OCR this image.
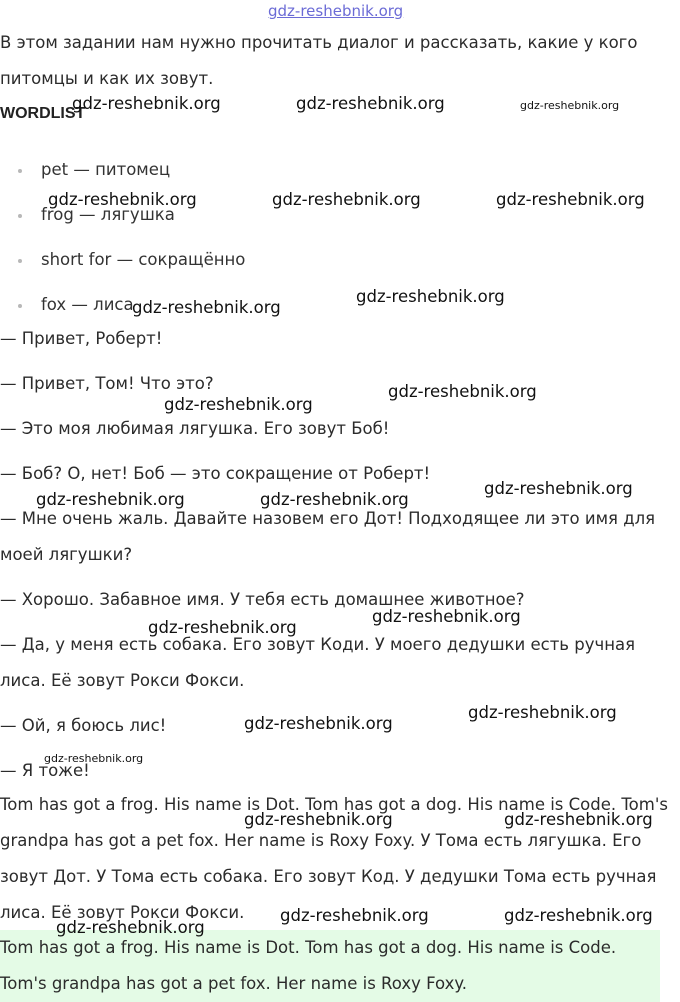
gdz-reshebnik.org

В этом задании нам нужно прочитать диалог и рассказать, какие у кого питомцы и как их зовут.

WORDLIST
pet — питомец
frog — лягушка
short for — сокращённо
fox — лиса

— Привет, Роберт!

— Привет, Том! Что это?

— Это моя любимая лягушка. Его зовут Боб!

— Боб? О, нет! Боб — это сокращение от Роберт!

— Мне очень жаль. Давайте назовем его Дот! Подходящее ли это имя для моей лягушки?

— Хорошо. Забавное имя. У тебя есть домашнее животное?

— Да, у меня есть собака. Его зовут Коди. У моего дедушки есть ручная лиса. Её зовут Рокси Фокси.

— Ой, я боюсь лис!

— Я тоже!

Tom has got a frog. His name is Dot. Tom has got a dog. His name is Code. Tom's grandpa has got a pet fox. Her name is Roxy Foxy. У Тома есть лягушка. Его зовут Дот. У Тома есть собака. Его зовут Код. У дедушки Тома есть ручная лиса. Её зовут Рокси Фокси.

Tom has got a frog. His name is Dot. Tom has got a dog. His name is Code. Tom's grandpa has got a pet fox. Her name is Roxy Foxy.

gdz-reshebnik.org	gdz-reshebnik.org	gdz-reshebnik.org
gdz-reshebnik.org	gdz-reshebnik.org	gdz-reshebnik.org
gdz-reshebnik.org
gdz-reshebnik.org
gdz-reshebnik.org
gdz-reshebnik.org
gdz-reshebnik.org
gdz-reshebnik.org	gdz-reshebnik.org
gdz-reshebnik.org
gdz-reshebnik.org
gdz-reshebnik.org
gdz-reshebnik.org
gdz-reshebnik.org
gdz-reshebnik.org	gdz-reshebnik.org
gdz-reshebnik.org	gdz-reshebnik.org
gdz-reshebnik.org
